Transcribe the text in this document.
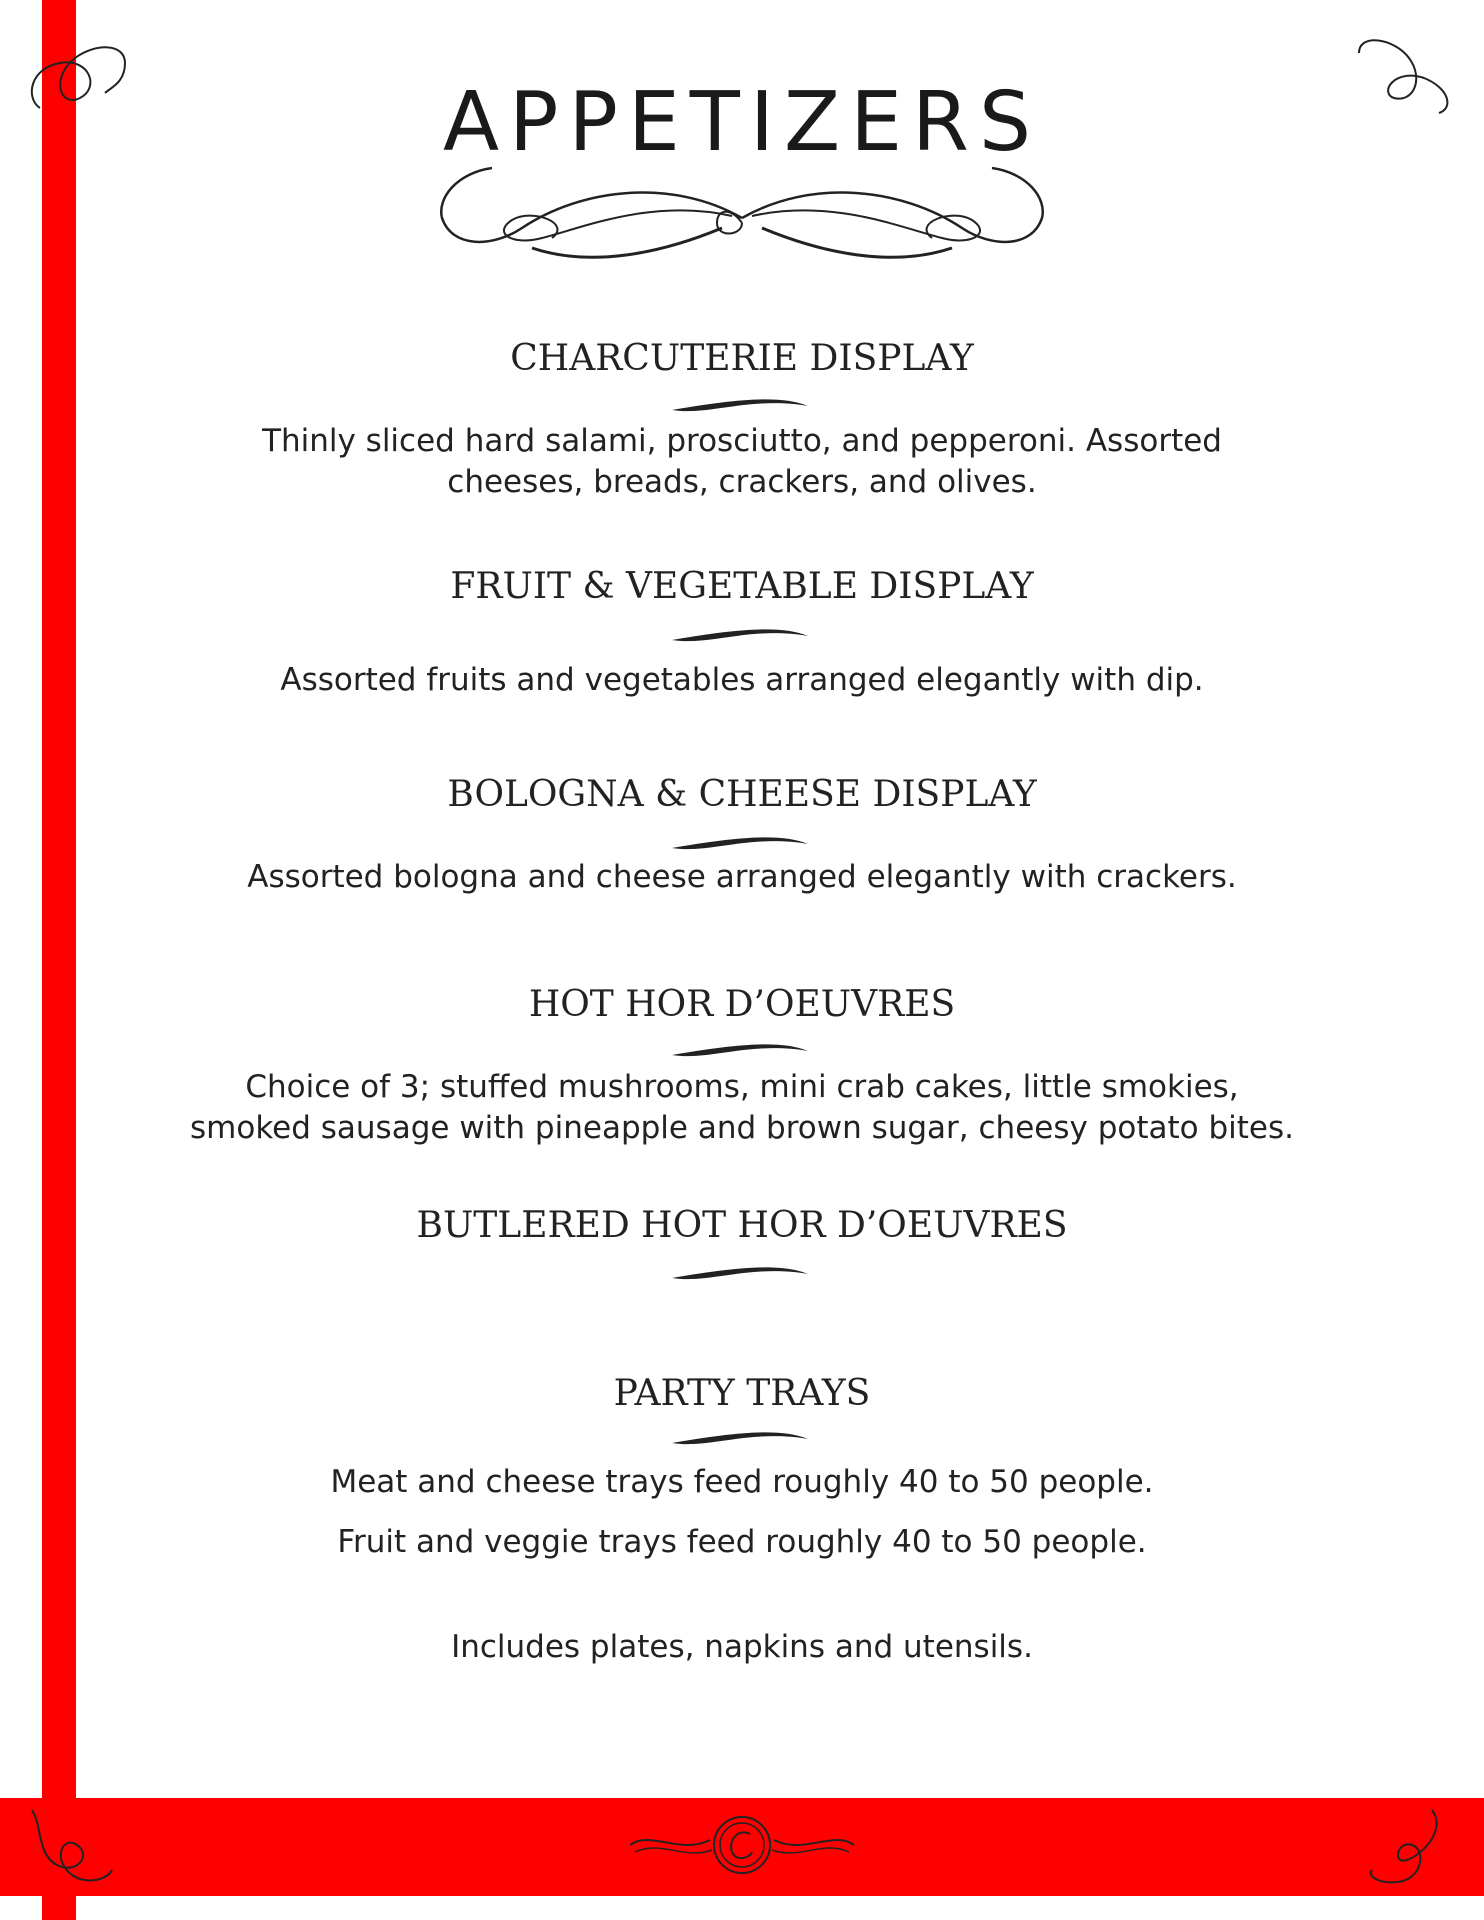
APPETIZERS
CHARCUTERIE DISPLAY
Thinly sliced hard salami, prosciutto, and pepperoni. Assorted
cheeses, breads, crackers, and olives.
FRUIT & VEGETABLE DISPLAY
Assorted fruits and vegetables arranged elegantly with dip.
BOLOGNA & CHEESE DISPLAY
Assorted bologna and cheese arranged elegantly with crackers.
HOT HOR D’OEUVRES
Choice of 3; stuffed mushrooms, mini crab cakes, little smokies,
smoked sausage with pineapple and brown sugar, cheesy potato bites.
BUTLERED HOT HOR D’OEUVRES
PARTY TRAYS
Meat and cheese trays feed roughly 40 to 50 people.
Fruit and veggie trays feed roughly 40 to 50 people.
Includes plates, napkins and utensils.
